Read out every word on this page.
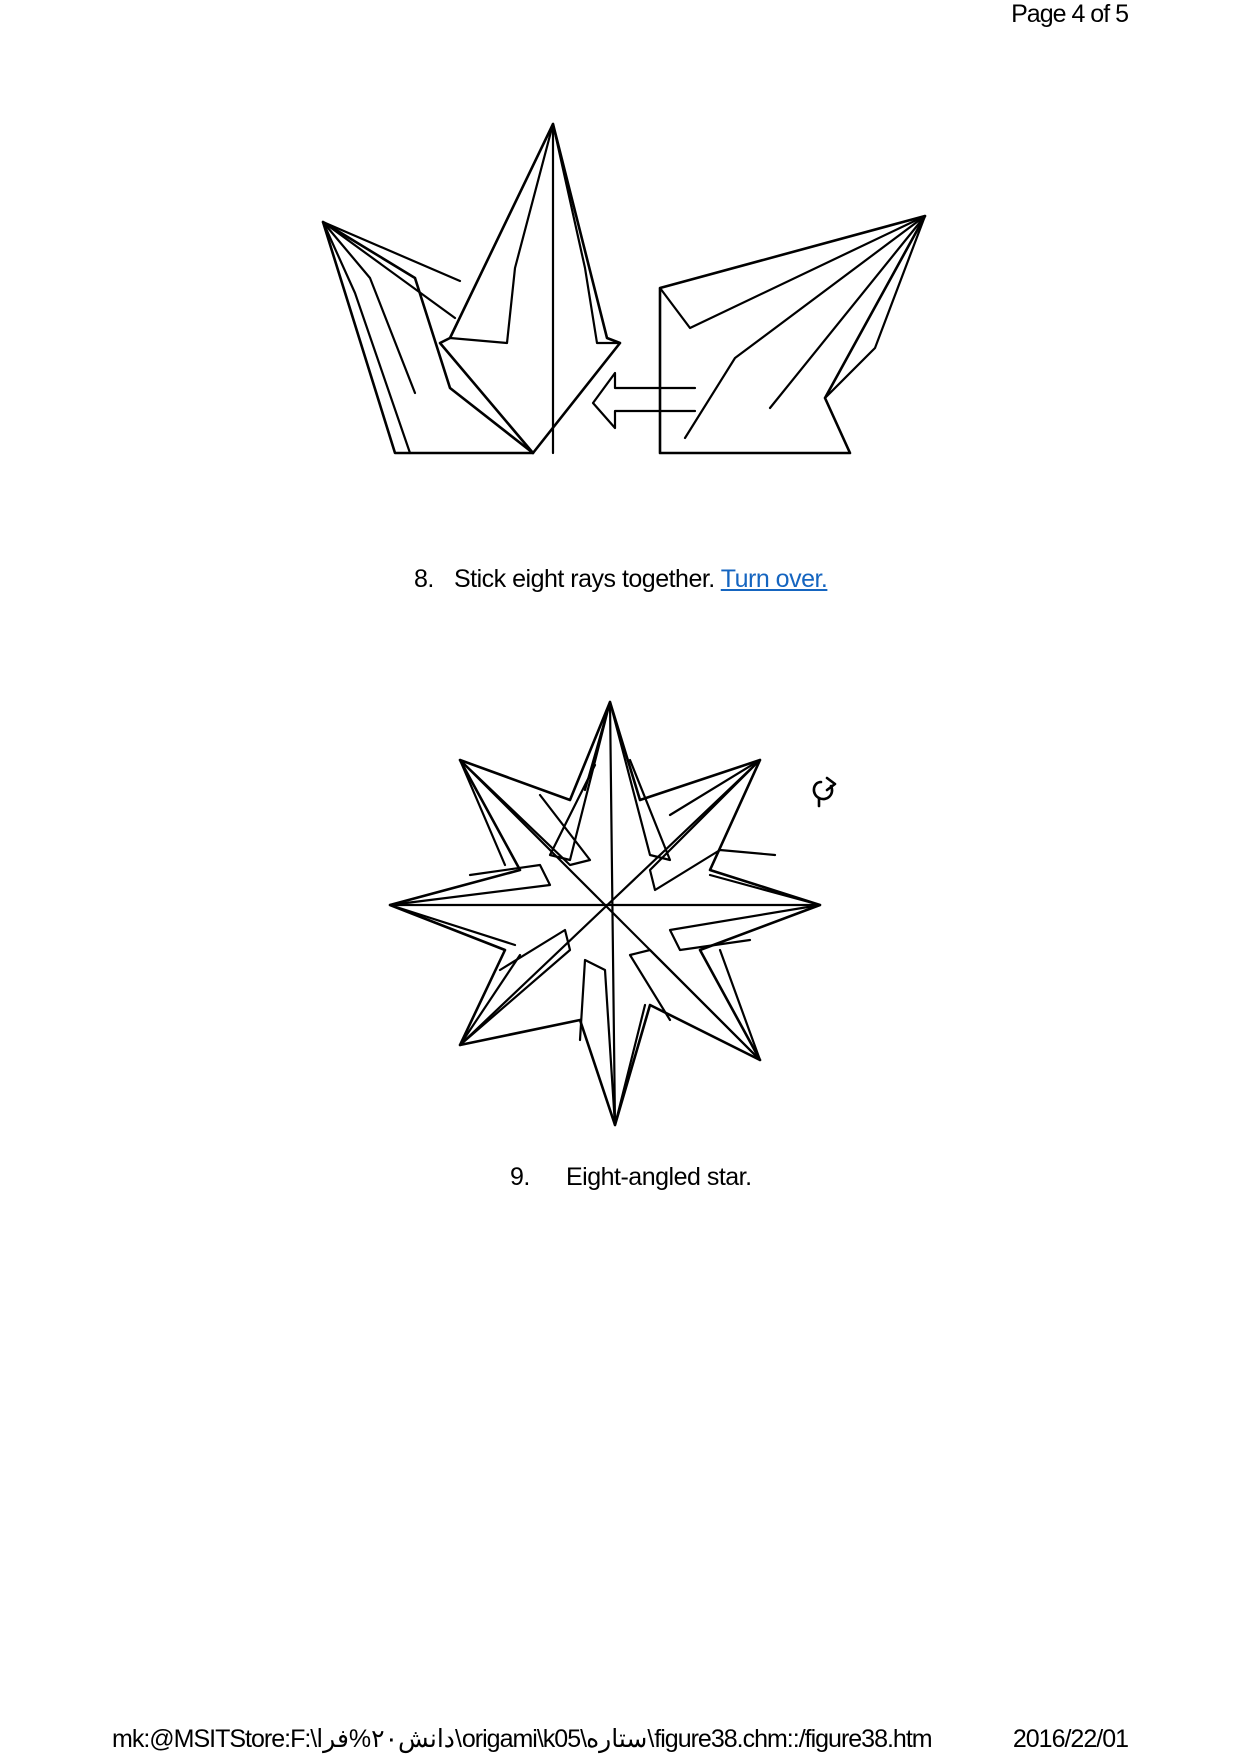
Page 4 of 5
8. Stick eight rays together. Turn over.
9. Eight-angled star.
mk:@MSITStore:F:\دانش۲۰%فرا\origami\k05\ستاره\figure38.chm::/figure38.htm	2016/22/01
